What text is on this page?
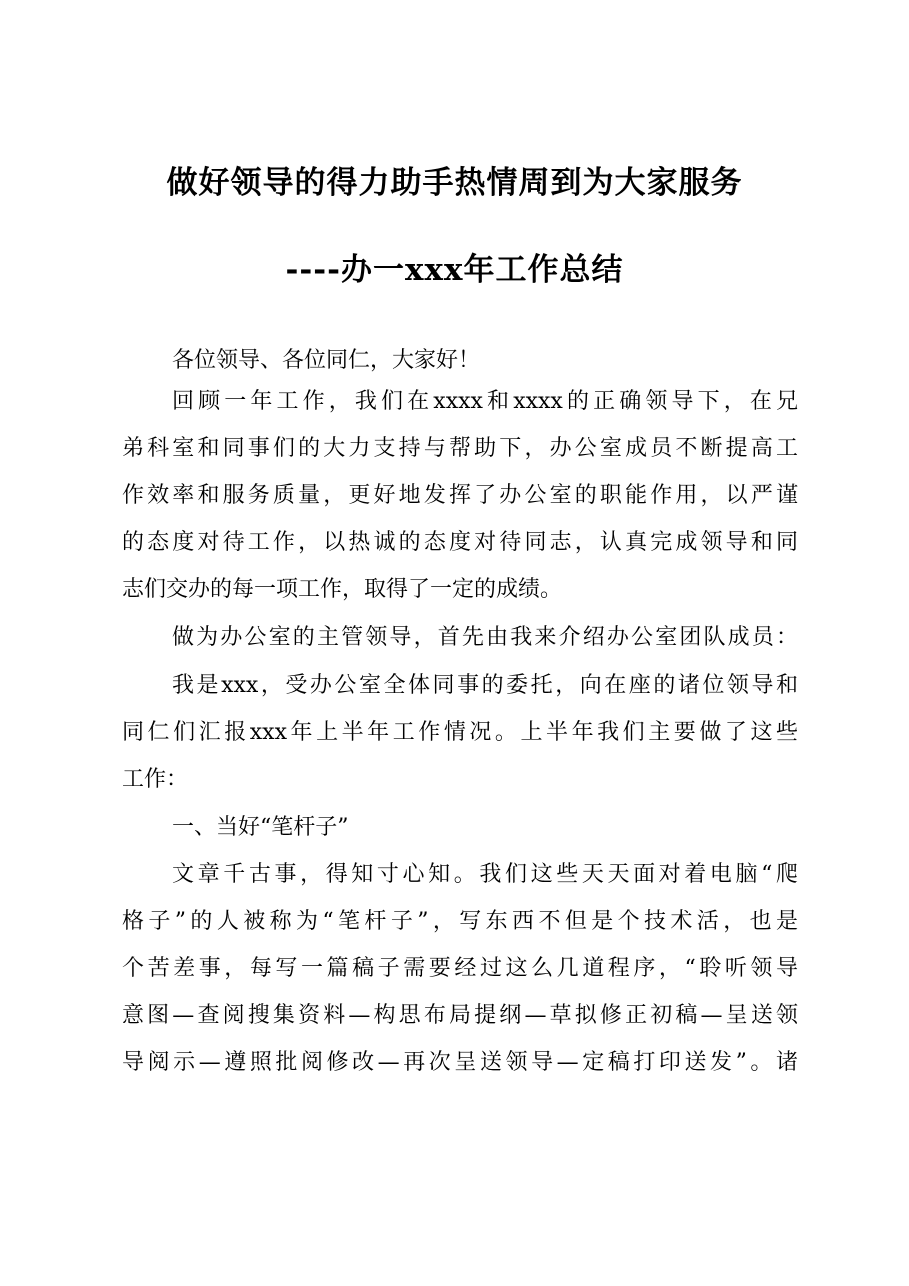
做好领导的得力助手热情周到为大家服务
----办一xxx年工作总结
各位领导、各位同仁，大家好！
回顾一年工作，我们在xxxx和xxxx的正确领导下，在兄
弟科室和同事们的大力支持与帮助下，办公室成员不断提高工
作效率和服务质量，更好地发挥了办公室的职能作用，以严谨
的态度对待工作，以热诚的态度对待同志，认真完成领导和同
志们交办的每一项工作，取得了一定的成绩。
做为办公室的主管领导，首先由我来介绍办公室团队成员：
我是xxx，受办公室全体同事的委托，向在座的诸位领导和
同仁们汇报xxx年上半年工作情况。上半年我们主要做了这些
工作：
一、当好“笔杆子”
文章千古事，得知寸心知。我们这些天天面对着电脑“爬
格子”的人被称为“笔杆子”，写东西不但是个技术活，也是
个苦差事，每写一篇稿子需要经过这么几道程序，“聆听领导
意图—查阅搜集资料—构思布局提纲—草拟修正初稿—呈送领
导阅示—遵照批阅修改—再次呈送领导—定稿打印送发”。诸
